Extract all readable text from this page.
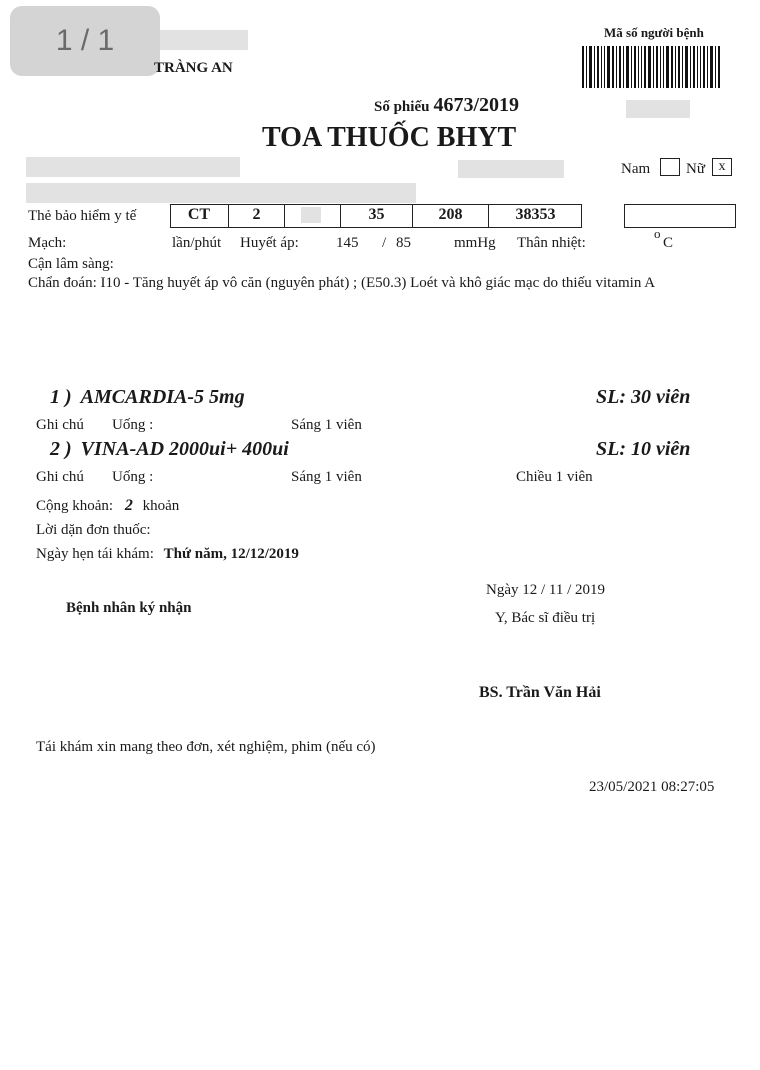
1 / 1
TRÀNG AN
Mã số người bệnh
Số phiếu 4673/2019
TOA THUỐC BHYT
Nam Nữ x
Thẻ bảo hiểm y tế	CT	2	35	208	38353
Mạch:	lần/phút Huyết áp: 145 / 85	mmHg Thân nhiệt:
o
C
Cận lâm sàng:
Chẩn đoán: I10 - Tăng huyết áp vô căn (nguyên phát) ; (E50.3) Loét và khô giác mạc do thiếu vitamin A
1 ) AMCARDIA-5 5mg	SL: 30 viên
Ghi chú Uống :	Sáng 1 viên
2 ) VINA-AD 2000ui+ 400ui	SL: 10 viên
Ghi chú Uống :	Sáng 1 viên	Chiều 1 viên
Cộng khoản: 2 khoản
Lời dặn đơn thuốc:
Ngày hẹn tái khám: Thứ năm, 12/12/2019
Ngày 12 / 11 / 2019
Bệnh nhân ký nhận
Y, Bác sĩ điều trị
BS. Trần Văn Hải
Tái khám xin mang theo đơn, xét nghiệm, phim (nếu có)
23/05/2021 08:27:05
